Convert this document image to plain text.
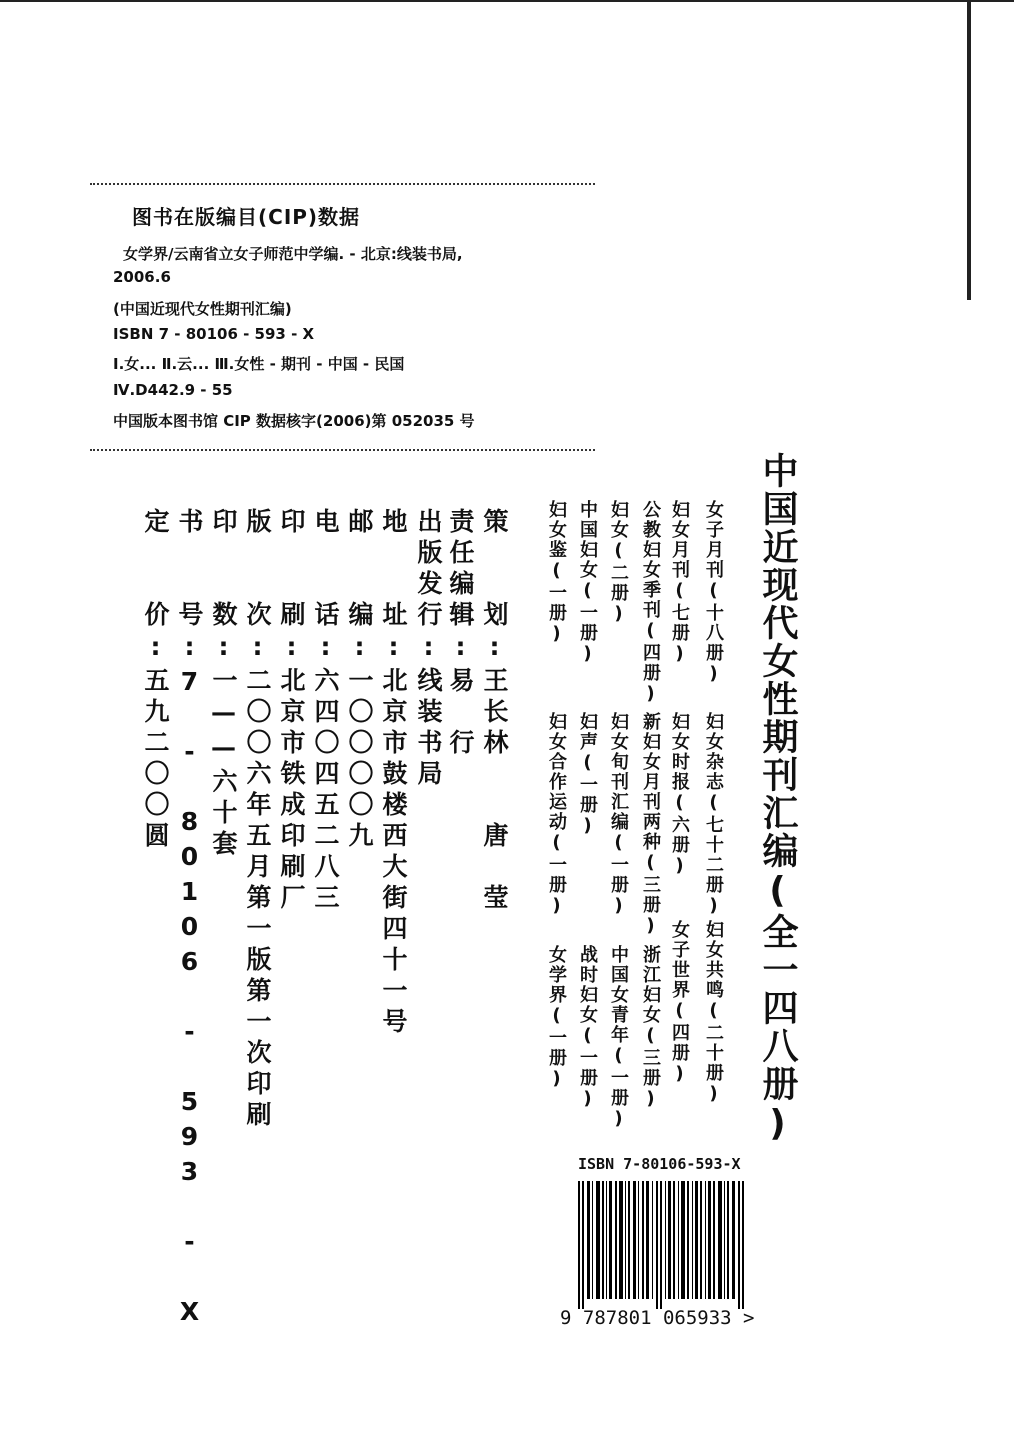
图书在版编目(CIP)数据
女学界/云南省立女子师范中学编. - 北京:线装书局,
2006.6
(中国近现代女性期刊汇编)
ISBN 7 - 80106 - 593 - X
Ⅰ.女... Ⅱ.云... Ⅲ.女性 - 期刊 - 中国 - 民国
Ⅳ.D442.9 - 55
中国版本图书馆 CIP 数据核字(2006)第 052035 号
策　　划:王长林　　唐　莹
责任编辑:易　行
出版发行:线装书局
地　　址:北京市鼓楼西大街四十一号
邮　　编:一〇〇〇〇九
电　　话:六四〇四五二八三
印　　刷:北京市铁成印刷厂
版　　次:二〇〇六年五月第一版第一次印刷
印　　数:一——六十套
书　　号:7 - 80106 - 593 - X
定　　价:五九二〇〇圆	中国近现代女性期刊汇编(全一四八册)
女子月刊(十八册)
妇女杂志(七十二册)
妇女共鸣(二十册)
妇女月刊(七册)
妇女时报(六册)
女子世界(四册)
公教妇女季刊(四册)
新妇女月刊两种(三册)
浙江妇女(三册)
妇女(二册)
妇女旬刊汇编(一册)
中国女青年(一册)
中国妇女(一册)
妇声(一册)
战时妇女(一册)
妇女鉴(一册)
妇女合作运动(一册)
女学界(一册)
ISBN 7-80106-593-X
9 787801 065933 >
